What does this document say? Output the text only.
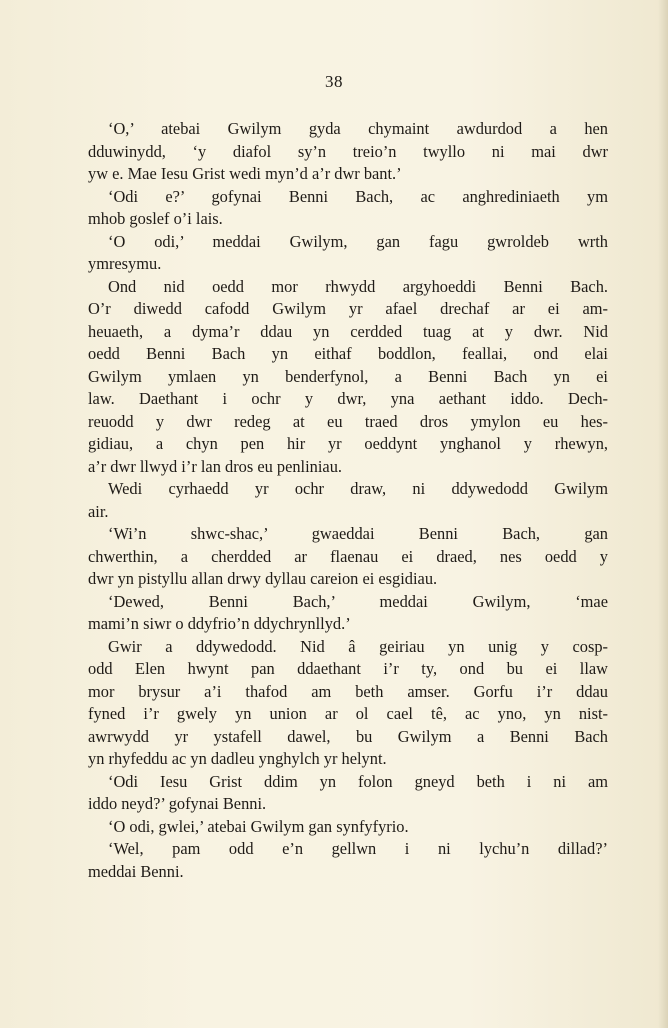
38
‘O,’ atebai Gwilym gyda chymaint awdurdod a hen
dduwinydd, ‘y diafol sy’n treio’n twyllo ni mai dwr
yw e. Mae Iesu Grist wedi myn’d a’r dwr bant.’
‘Odi e?’ gofynai Benni Bach, ac anghrediniaeth ym
mhob goslef o’i lais.
‘O odi,’ meddai Gwilym, gan fagu gwroldeb wrth
ymresymu.
Ond nid oedd mor rhwydd argyhoeddi Benni Bach.
O’r diwedd cafodd Gwilym yr afael drechaf ar ei am-
heuaeth, a dyma’r ddau yn cerdded tuag at y dwr. Nid
oedd Benni Bach yn eithaf boddlon, feallai, ond elai
Gwilym ymlaen yn benderfynol, a Benni Bach yn ei
law. Daethant i ochr y dwr, yna aethant iddo. Dech-
reuodd y dwr redeg at eu traed dros ymylon eu hes-
gidiau, a chyn pen hir yr oeddynt ynghanol y rhewyn,
a’r dwr llwyd i’r lan dros eu penliniau.
Wedi cyrhaedd yr ochr draw, ni ddywedodd Gwilym
air.
‘Wi’n shwc-shac,’ gwaeddai Benni Bach, gan
chwerthin, a cherdded ar flaenau ei draed, nes oedd y
dwr yn pistyllu allan drwy dyllau careion ei esgidiau.
‘Dewed, Benni Bach,’ meddai Gwilym, ‘mae
mami’n siwr o ddyfrio’n ddychrynllyd.’
Gwir a ddywedodd. Nid â geiriau yn unig y cosp-
odd Elen hwynt pan ddaethant i’r ty, ond bu ei llaw
mor brysur a’i thafod am beth amser. Gorfu i’r ddau
fyned i’r gwely yn union ar ol cael tê, ac yno, yn nist-
awrwydd yr ystafell dawel, bu Gwilym a Benni Bach
yn rhyfeddu ac yn dadleu ynghylch yr helynt.
‘Odi Iesu Grist ddim yn folon gneyd beth i ni am
iddo neyd?’ gofynai Benni.
‘O odi, gwlei,’ atebai Gwilym gan synfyfyrio.
‘Wel, pam odd e’n gellwn i ni lychu’n dillad?’
meddai Benni.
